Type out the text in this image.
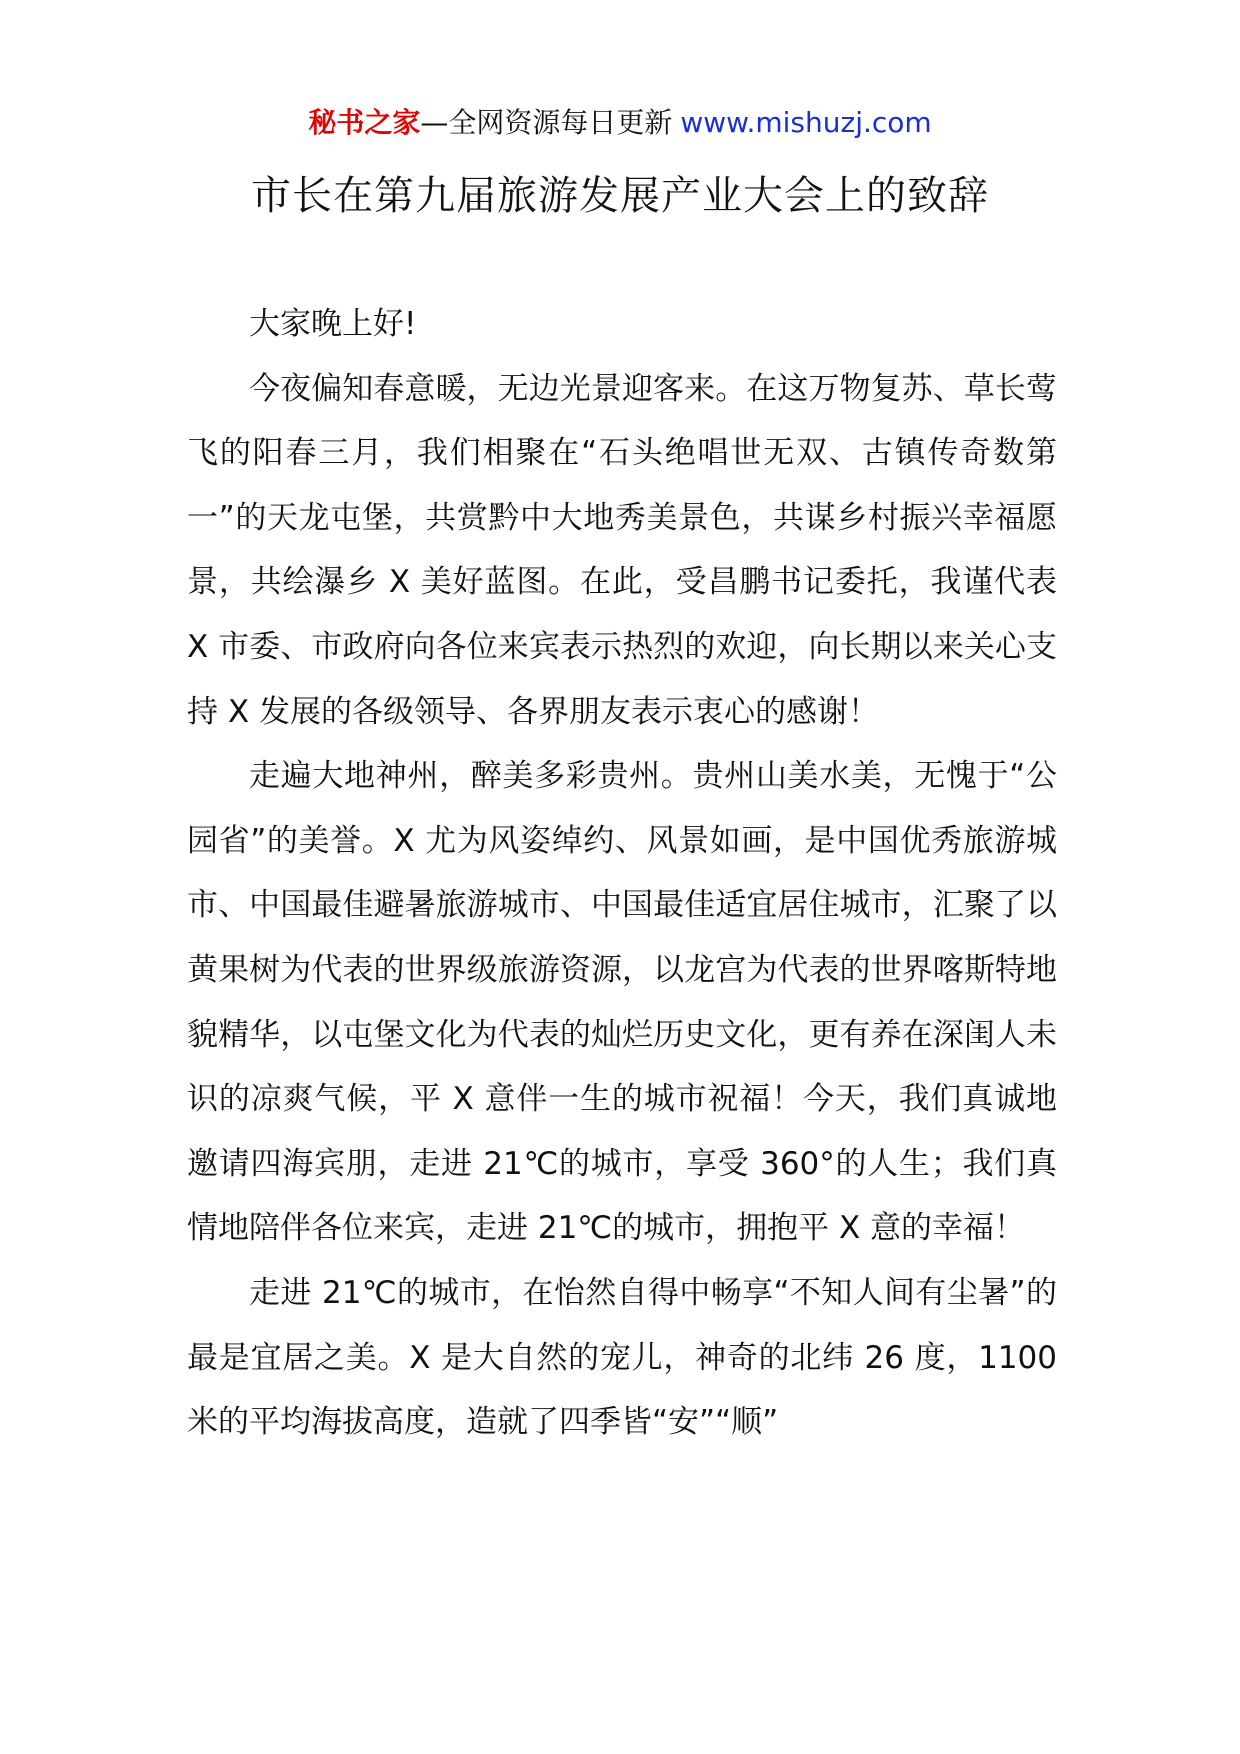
秘书之家—全网资源每日更新 www.mishuzj.com
市长在第九届旅游发展产业大会上的致辞

大家晚上好!

今夜偏知春意暖，无边光景迎客来。在这万物复苏、草长莺飞的阳春三月，我们相聚在“石头绝唱世无双、古镇传奇数第一”的天龙屯堡，共赏黔中大地秀美景色，共谋乡村振兴幸福愿景，共绘瀑乡 X 美好蓝图。在此，受昌鹏书记委托，我谨代表 X 市委、市政府向各位来宾表示热烈的欢迎，向长期以来关心支持 X 发展的各级领导、各界朋友表示衷心的感谢！

走遍大地神州，醉美多彩贵州。贵州山美水美，无愧于“公园省”的美誉。X 尤为风姿绰约、风景如画，是中国优秀旅游城市、中国最佳避暑旅游城市、中国最佳适宜居住城市，汇聚了以黄果树为代表的世界级旅游资源，以龙宫为代表的世界喀斯特地貌精华，以屯堡文化为代表的灿烂历史文化，更有养在深闺人未识的凉爽气候，平 X 意伴一生的城市祝福！今天，我们真诚地邀请四海宾朋，走进 21℃的城市，享受 360°的人生；我们真情地陪伴各位来宾，走进 21℃的城市，拥抱平 X 意的幸福！

走进 21℃的城市，在怡然自得中畅享“不知人间有尘暑”的最是宜居之美。X 是大自然的宠儿，神奇的北纬 26 度，1100 米的平均海拔高度，造就了四季皆“安”“顺”
